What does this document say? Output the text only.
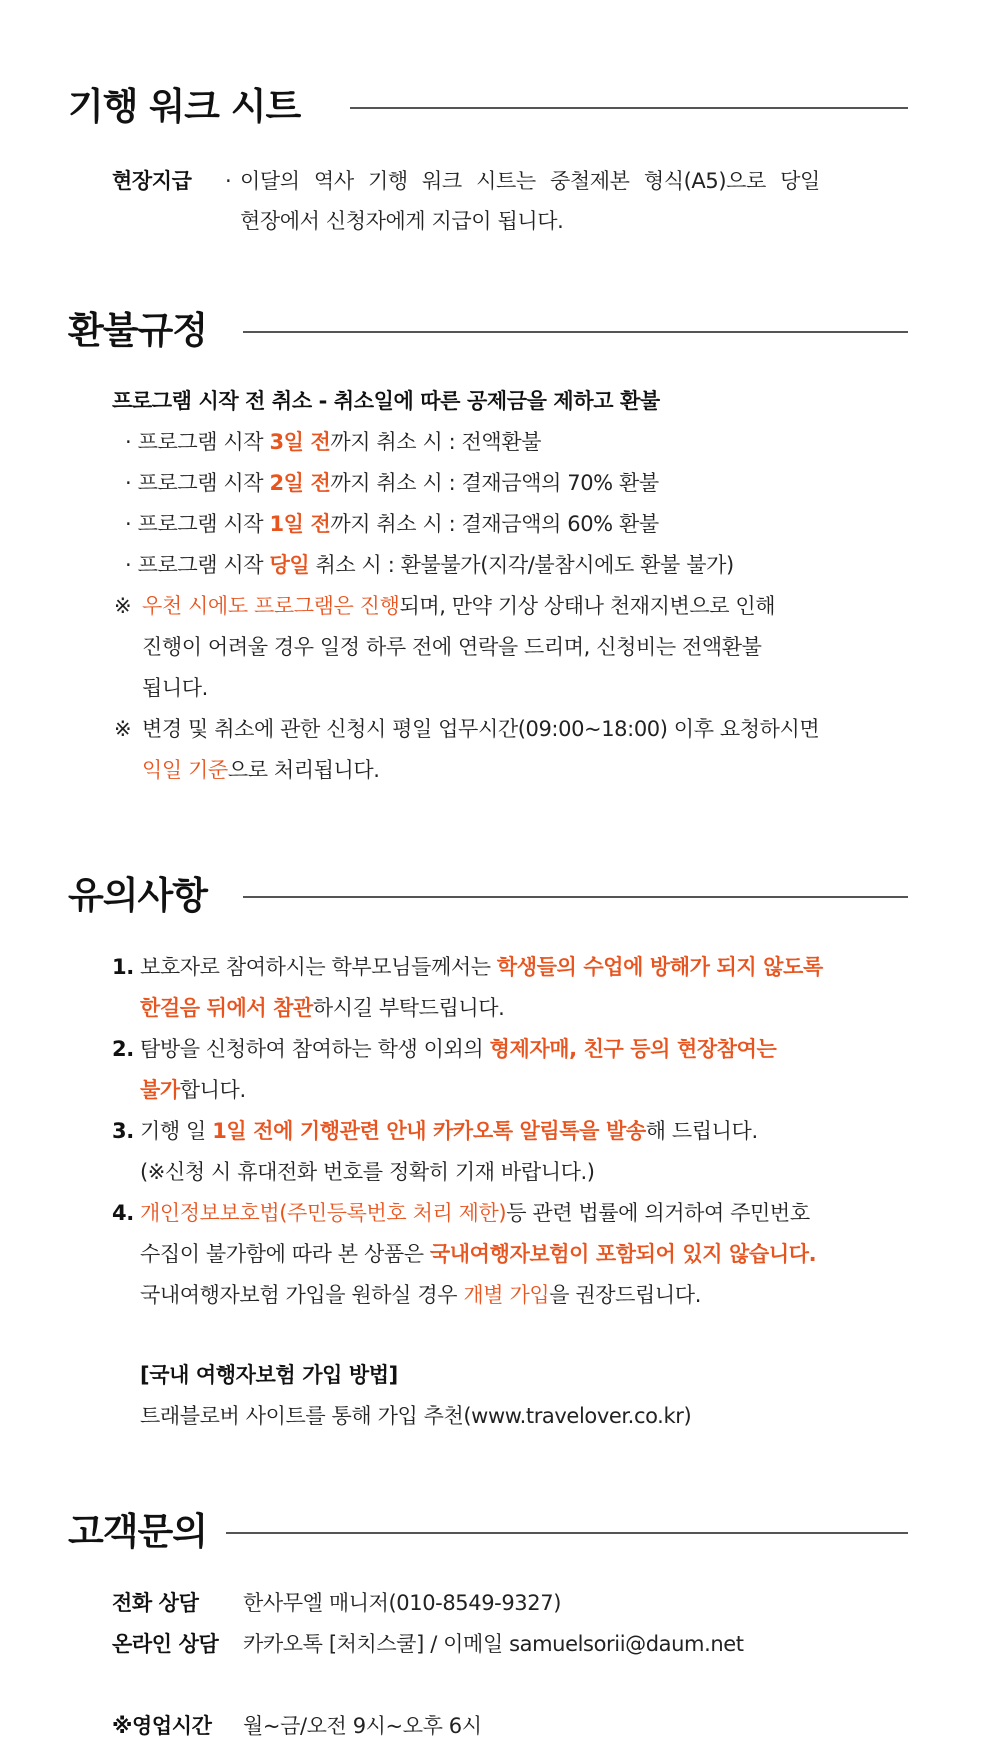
기행 워크 시트
현장지급 · 이달의 역사 기행 워크 시트는 중철제본 형식(A5)으로 당일
현장에서 신청자에게 지급이 됩니다.
환불규정
프로그램 시작 전 취소 - 취소일에 따른 공제금을 제하고 환불
· 프로그램 시작 3일 전까지 취소 시 : 전액환불
· 프로그램 시작 2일 전까지 취소 시 : 결재금액의 70% 환불
· 프로그램 시작 1일 전까지 취소 시 : 결재금액의 60% 환불
· 프로그램 시작 당일 취소 시 : 환불불가(지각/불참시에도 환불 불가)
※ 우천 시에도 프로그램은 진행되며, 만약 기상 상태나 천재지변으로 인해
진행이 어려울 경우 일정 하루 전에 연락을 드리며, 신청비는 전액환불
됩니다.
※ 변경 및 취소에 관한 신청시 평일 업무시간(09:00~18:00) 이후 요청하시면
익일 기준으로 처리됩니다.
유의사항
1. 보호자로 참여하시는 학부모님들께서는 학생들의 수업에 방해가 되지 않도록
한걸음 뒤에서 참관하시길 부탁드립니다.
2. 탐방을 신청하여 참여하는 학생 이외의 형제자매, 친구 등의 현장참여는
불가합니다.
3. 기행 일 1일 전에 기행관련 안내 카카오톡 알림톡을 발송해 드립니다.
(※신청 시 휴대전화 번호를 정확히 기재 바랍니다.)
4. 개인정보보호법(주민등록번호 처리 제한)등 관련 법률에 의거하여 주민번호
수집이 불가함에 따라 본 상품은 국내여행자보험이 포함되어 있지 않습니다.
국내여행자보험 가입을 원하실 경우 개별 가입을 권장드립니다.
[국내 여행자보험 가입 방법]
트래블로버 사이트를 통해 가입 추천(www.travelover.co.kr)
고객문의
전화 상담 한사무엘 매니저(010-8549-9327)
온라인 상담 카카오톡 [처치스쿨] / 이메일 samuelsorii@daum.net
※영업시간 월~금/오전 9시~오후 6시
